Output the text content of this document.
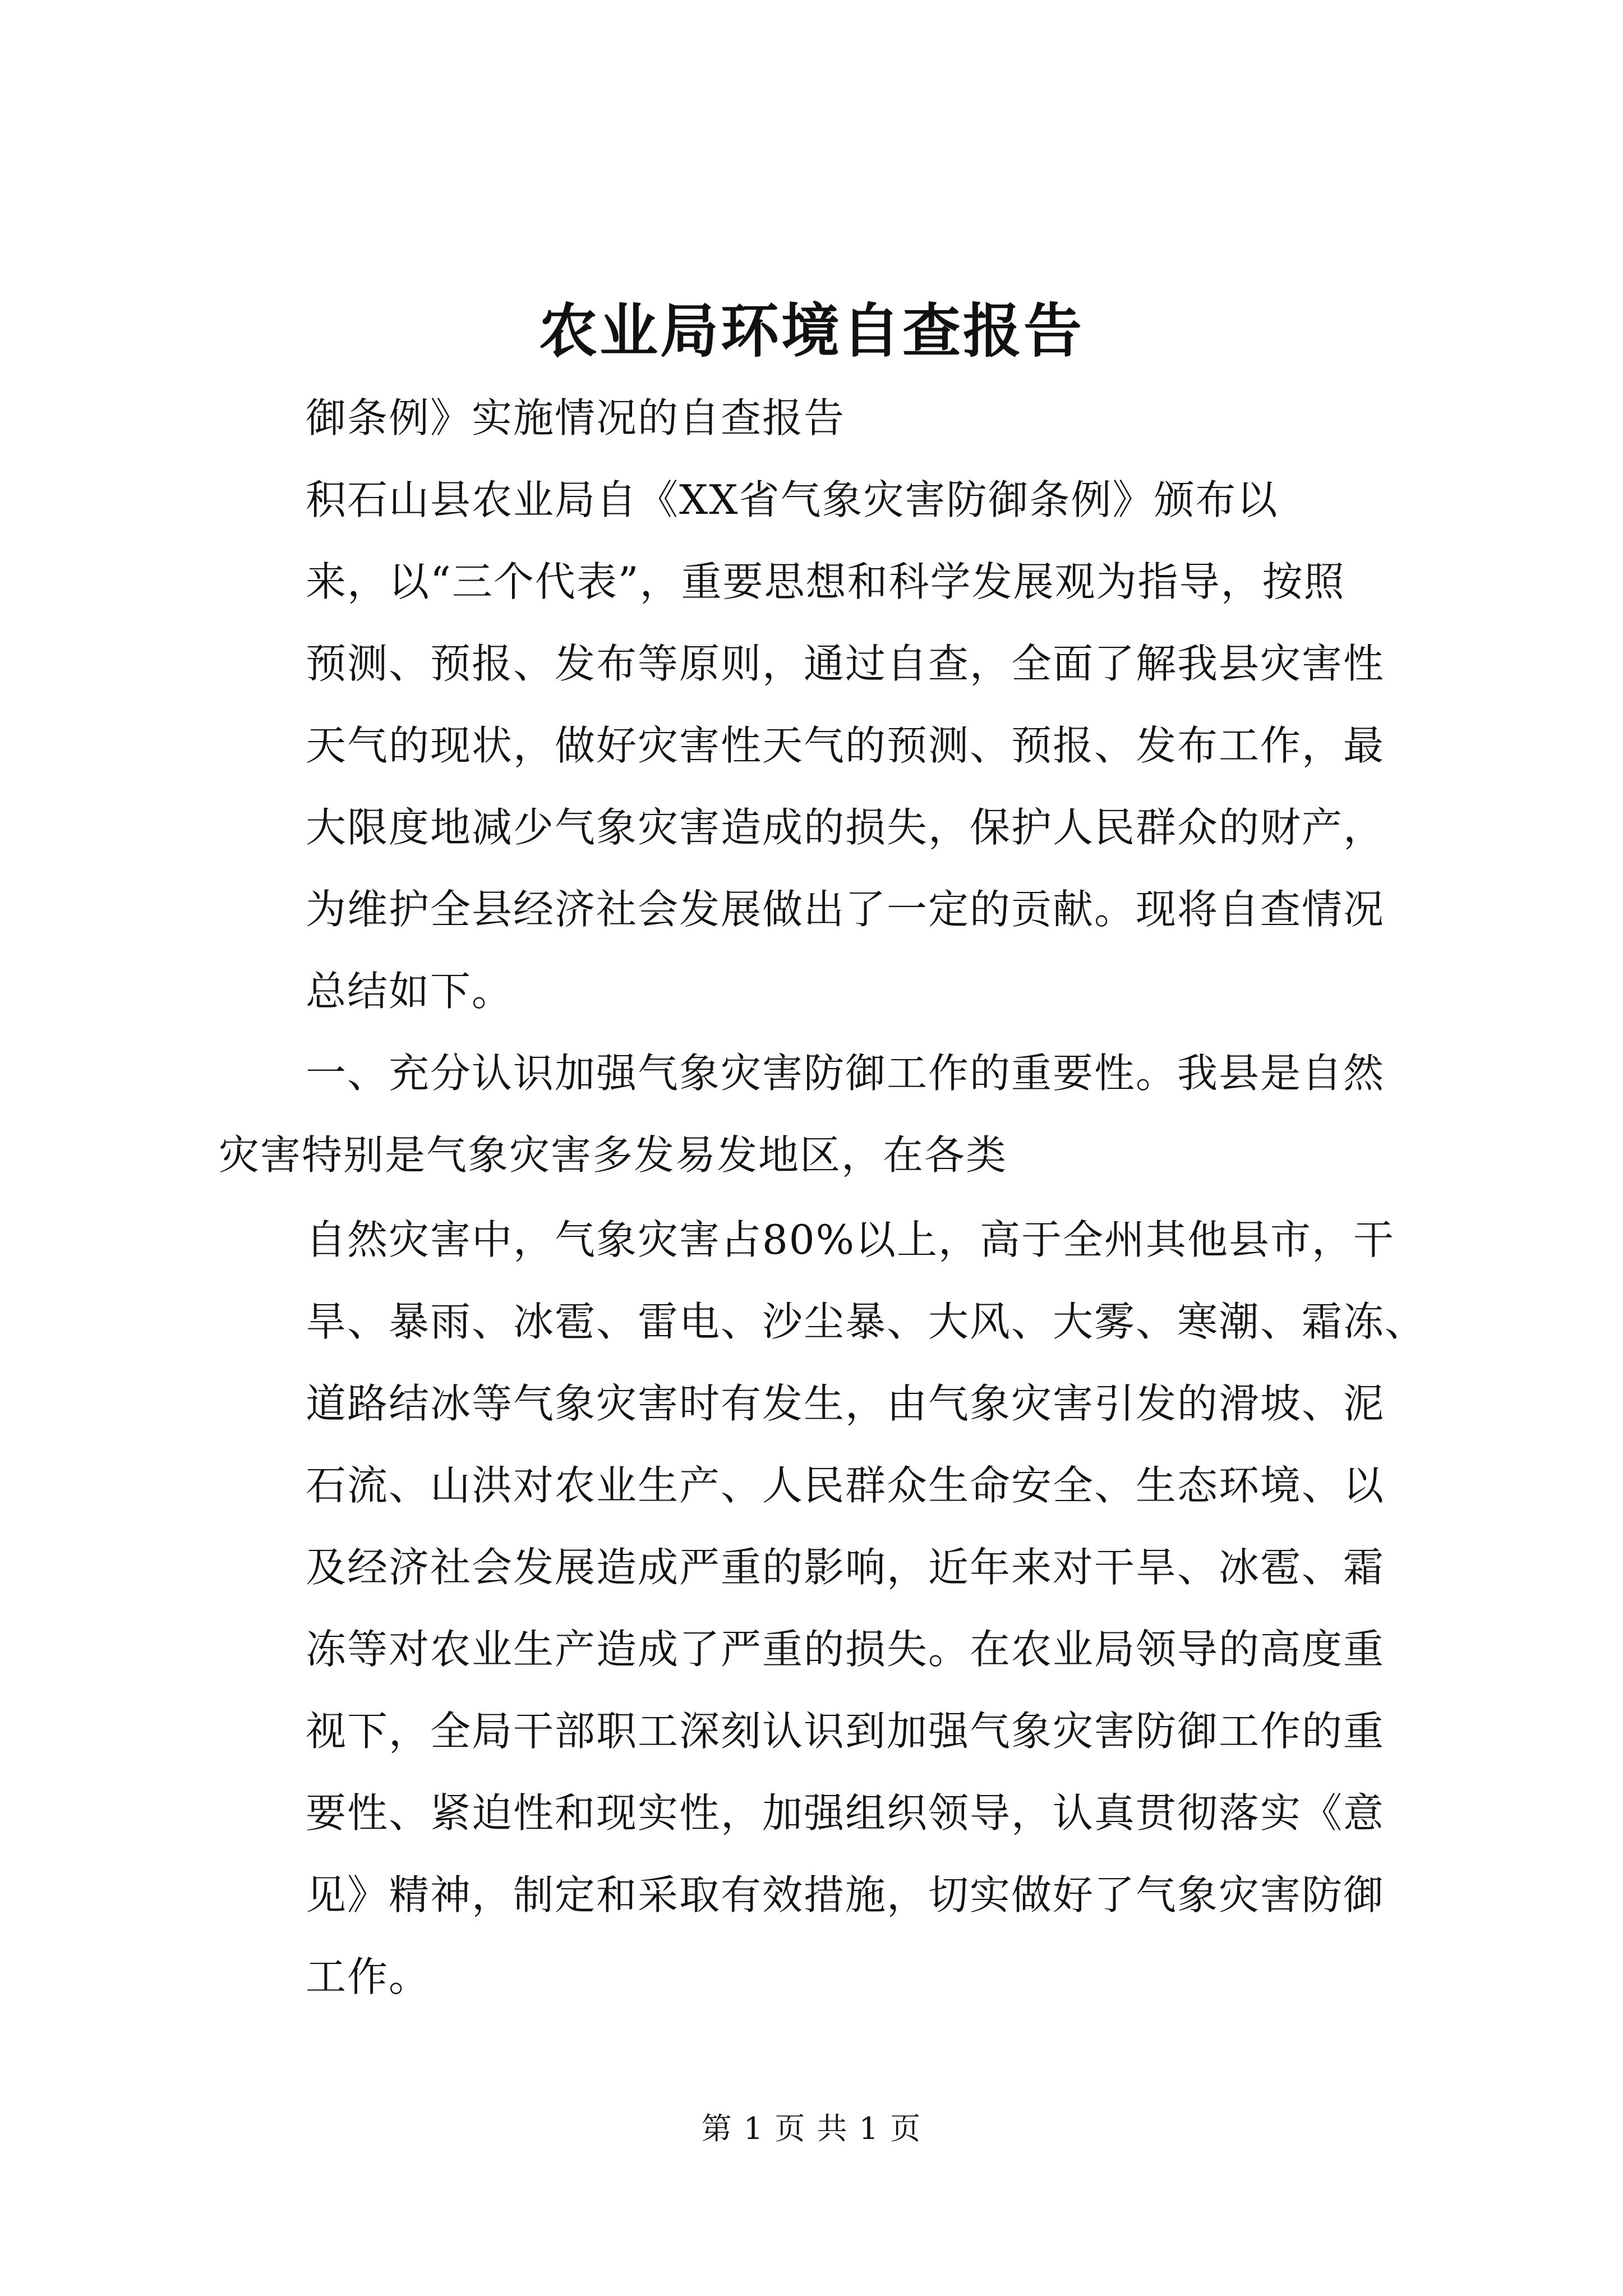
农业局环境自查报告
御条例》实施情况的自查报告
积石山县农业局自《XX省气象灾害防御条例》颁布以
来，以“三个代表”，重要思想和科学发展观为指导，按照
预测、预报、发布等原则，通过自查，全面了解我县灾害性
天气的现状，做好灾害性天气的预测、预报、发布工作，最
大限度地减少气象灾害造成的损失，保护人民群众的财产，
为维护全县经济社会发展做出了一定的贡献。现将自查情况
总结如下。
一、充分认识加强气象灾害防御工作的重要性。我县是自然
灾害特别是气象灾害多发易发地区，在各类
自然灾害中，气象灾害占80%以上，高于全州其他县市，干
旱、暴雨、冰雹、雷电、沙尘暴、大风、大雾、寒潮、霜冻、
道路结冰等气象灾害时有发生，由气象灾害引发的滑坡、泥
石流、山洪对农业生产、人民群众生命安全、生态环境、以
及经济社会发展造成严重的影响，近年来对干旱、冰雹、霜
冻等对农业生产造成了严重的损失。在农业局领导的高度重
视下，全局干部职工深刻认识到加强气象灾害防御工作的重
要性、紧迫性和现实性，加强组织领导，认真贯彻落实《意
见》精神，制定和采取有效措施，切实做好了气象灾害防御
工作。
第 1 页 共 1 页
